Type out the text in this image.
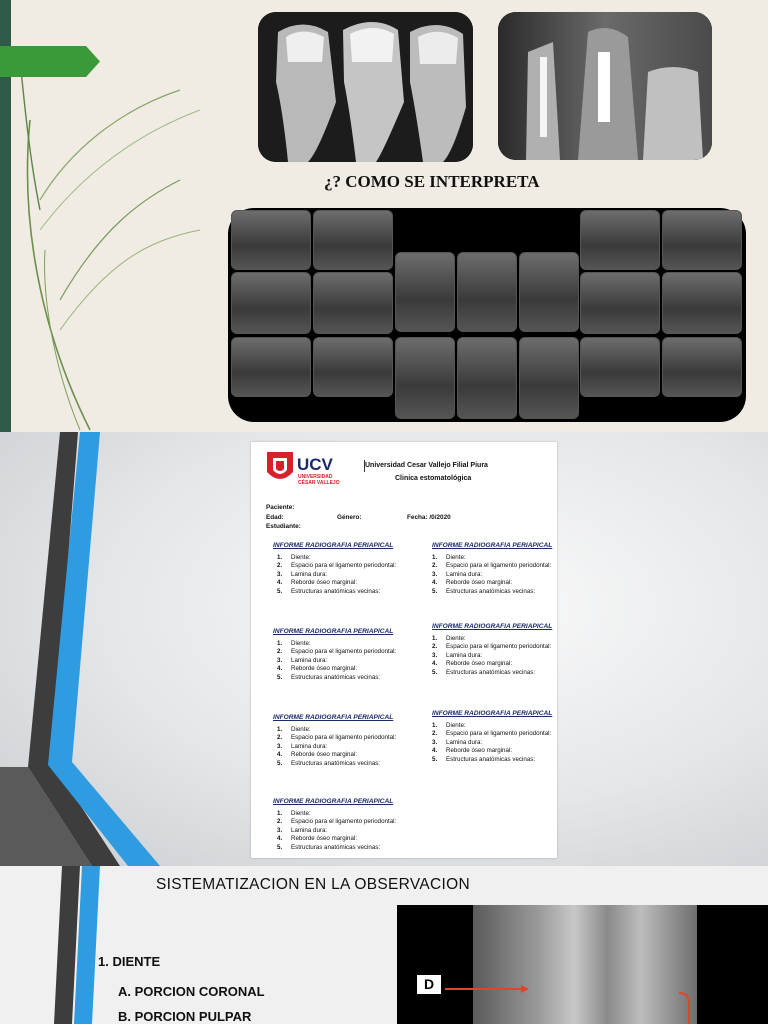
¿? COMO SE INTERPRETA
UCV
UNIVERSIDAD
CÉSAR VALLEJO
Universidad Cesar Vallejo Filial Piura
Clinica estomatológica
Paciente:
Edad:	Género:	Fecha: /0/2020
Estudiante:
INFORME RADIOGRAFIA PERIAPICAL
1.	Diente:
2.	Espacio para el ligamento periodontal:
3.	Lamina dura:
4.	Reborde óseo marginal:
5.	Estructuras anatómicas vecinas:
INFORME RADIOGRAFIA PERIAPICAL
1.	Diente:
2.	Espacio para el ligamento periodontal:
3.	Lamina dura:
4.	Reborde óseo marginal:
5.	Estructuras anatómicas vecinas:
INFORME RADIOGRAFIA PERIAPICAL
1.	Diente:
2.	Espacio para el ligamento periodontal:
3.	Lamina dura:
4.	Reborde óseo marginal:
5.	Estructuras anatómicas vecinas:
INFORME RADIOGRAFIA PERIAPICAL
1.	Diente:
2.	Espacio para el ligamento periodontal:
3.	Lamina dura:
4.	Reborde óseo marginal:
5.	Estructuras anatómicas vecinas:
INFORME RADIOGRAFIA PERIAPICAL
1.	Diente:
2.	Espacio para el ligamento periodontal:
3.	Lamina dura:
4.	Reborde óseo marginal:
5.	Estructuras anatómicas vecinas:
INFORME RADIOGRAFIA PERIAPICAL
1.	Diente:
2.	Espacio para el ligamento periodontal:
3.	Lamina dura:
4.	Reborde óseo marginal:
5.	Estructuras anatómicas vecinas:
INFORME RADIOGRAFIA PERIAPICAL
1.	Diente:
2.	Espacio para el ligamento periodontal:
3.	Lamina dura:
4.	Reborde óseo marginal:
5.	Estructuras anatómicas vecinas:
SISTEMATIZACION EN LA OBSERVACION
1. DIENTE
A. PORCION CORONAL
B. PORCION PULPAR
D
